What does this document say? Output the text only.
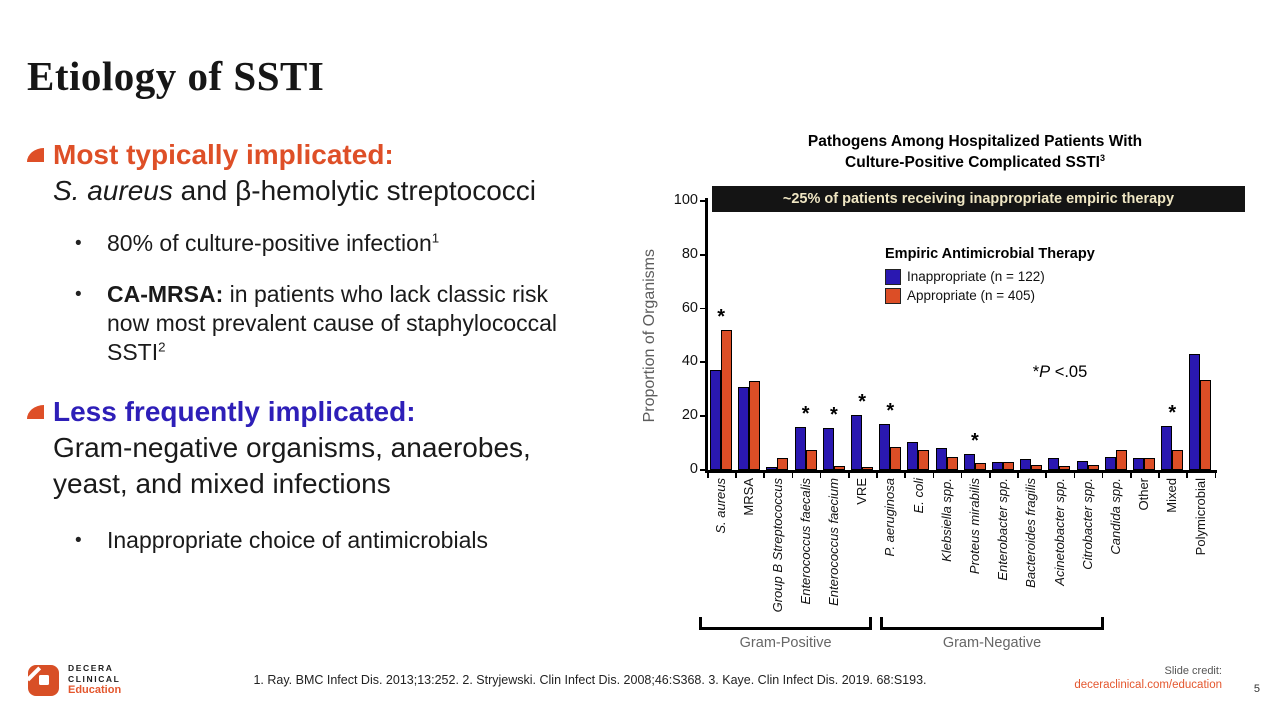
Etiology of SSTI
Most typically implicated:
S. aureus and β-hemolytic streptococci
•	80% of culture-positive infection$^1$
•	CA-MRSA: in patients who lack classic risk now most prevalent cause of staphylococcal SSTI$^2$
Less frequently implicated:
Gram-negative organisms, anaerobes, yeast, and mixed infections
•	Inappropriate choice of antimicrobials
Pathogens Among Hospitalized Patients With
Culture-Positive Complicated SSTI$^3$
~25% of patients receiving inappropriate empiric therapy
Proportion of Organisms
0
20
40
60
80
100
*
*	*
*	*
*
*
S. aureus MRSA Group B Streptococcus Enterococcus faecalis Enterococcus faecium VRE P. aeruginosa E. coli Klebsiella spp. Proteus mirabilis Enterobacter spp. Bacteroides fragilis Acinetobacter spp. Citrobacter spp. Candida spp. Other Mixed Polymicrobial
Empiric Antimicrobial Therapy
Inappropriate (n = 122)
Appropriate (n = 405)
*P <.05
Gram-Positive	Gram-Negative
1. Ray. BMC Infect Dis. 2013;13:252. 2. Stryjewski. Clin Infect Dis. 2008;46:S368. 3. Kaye. Clin Infect Dis. 2019. 68:S193.
Slide credit:
deceraclinical.com/education	5
DECERA
CLINICAL
Education
